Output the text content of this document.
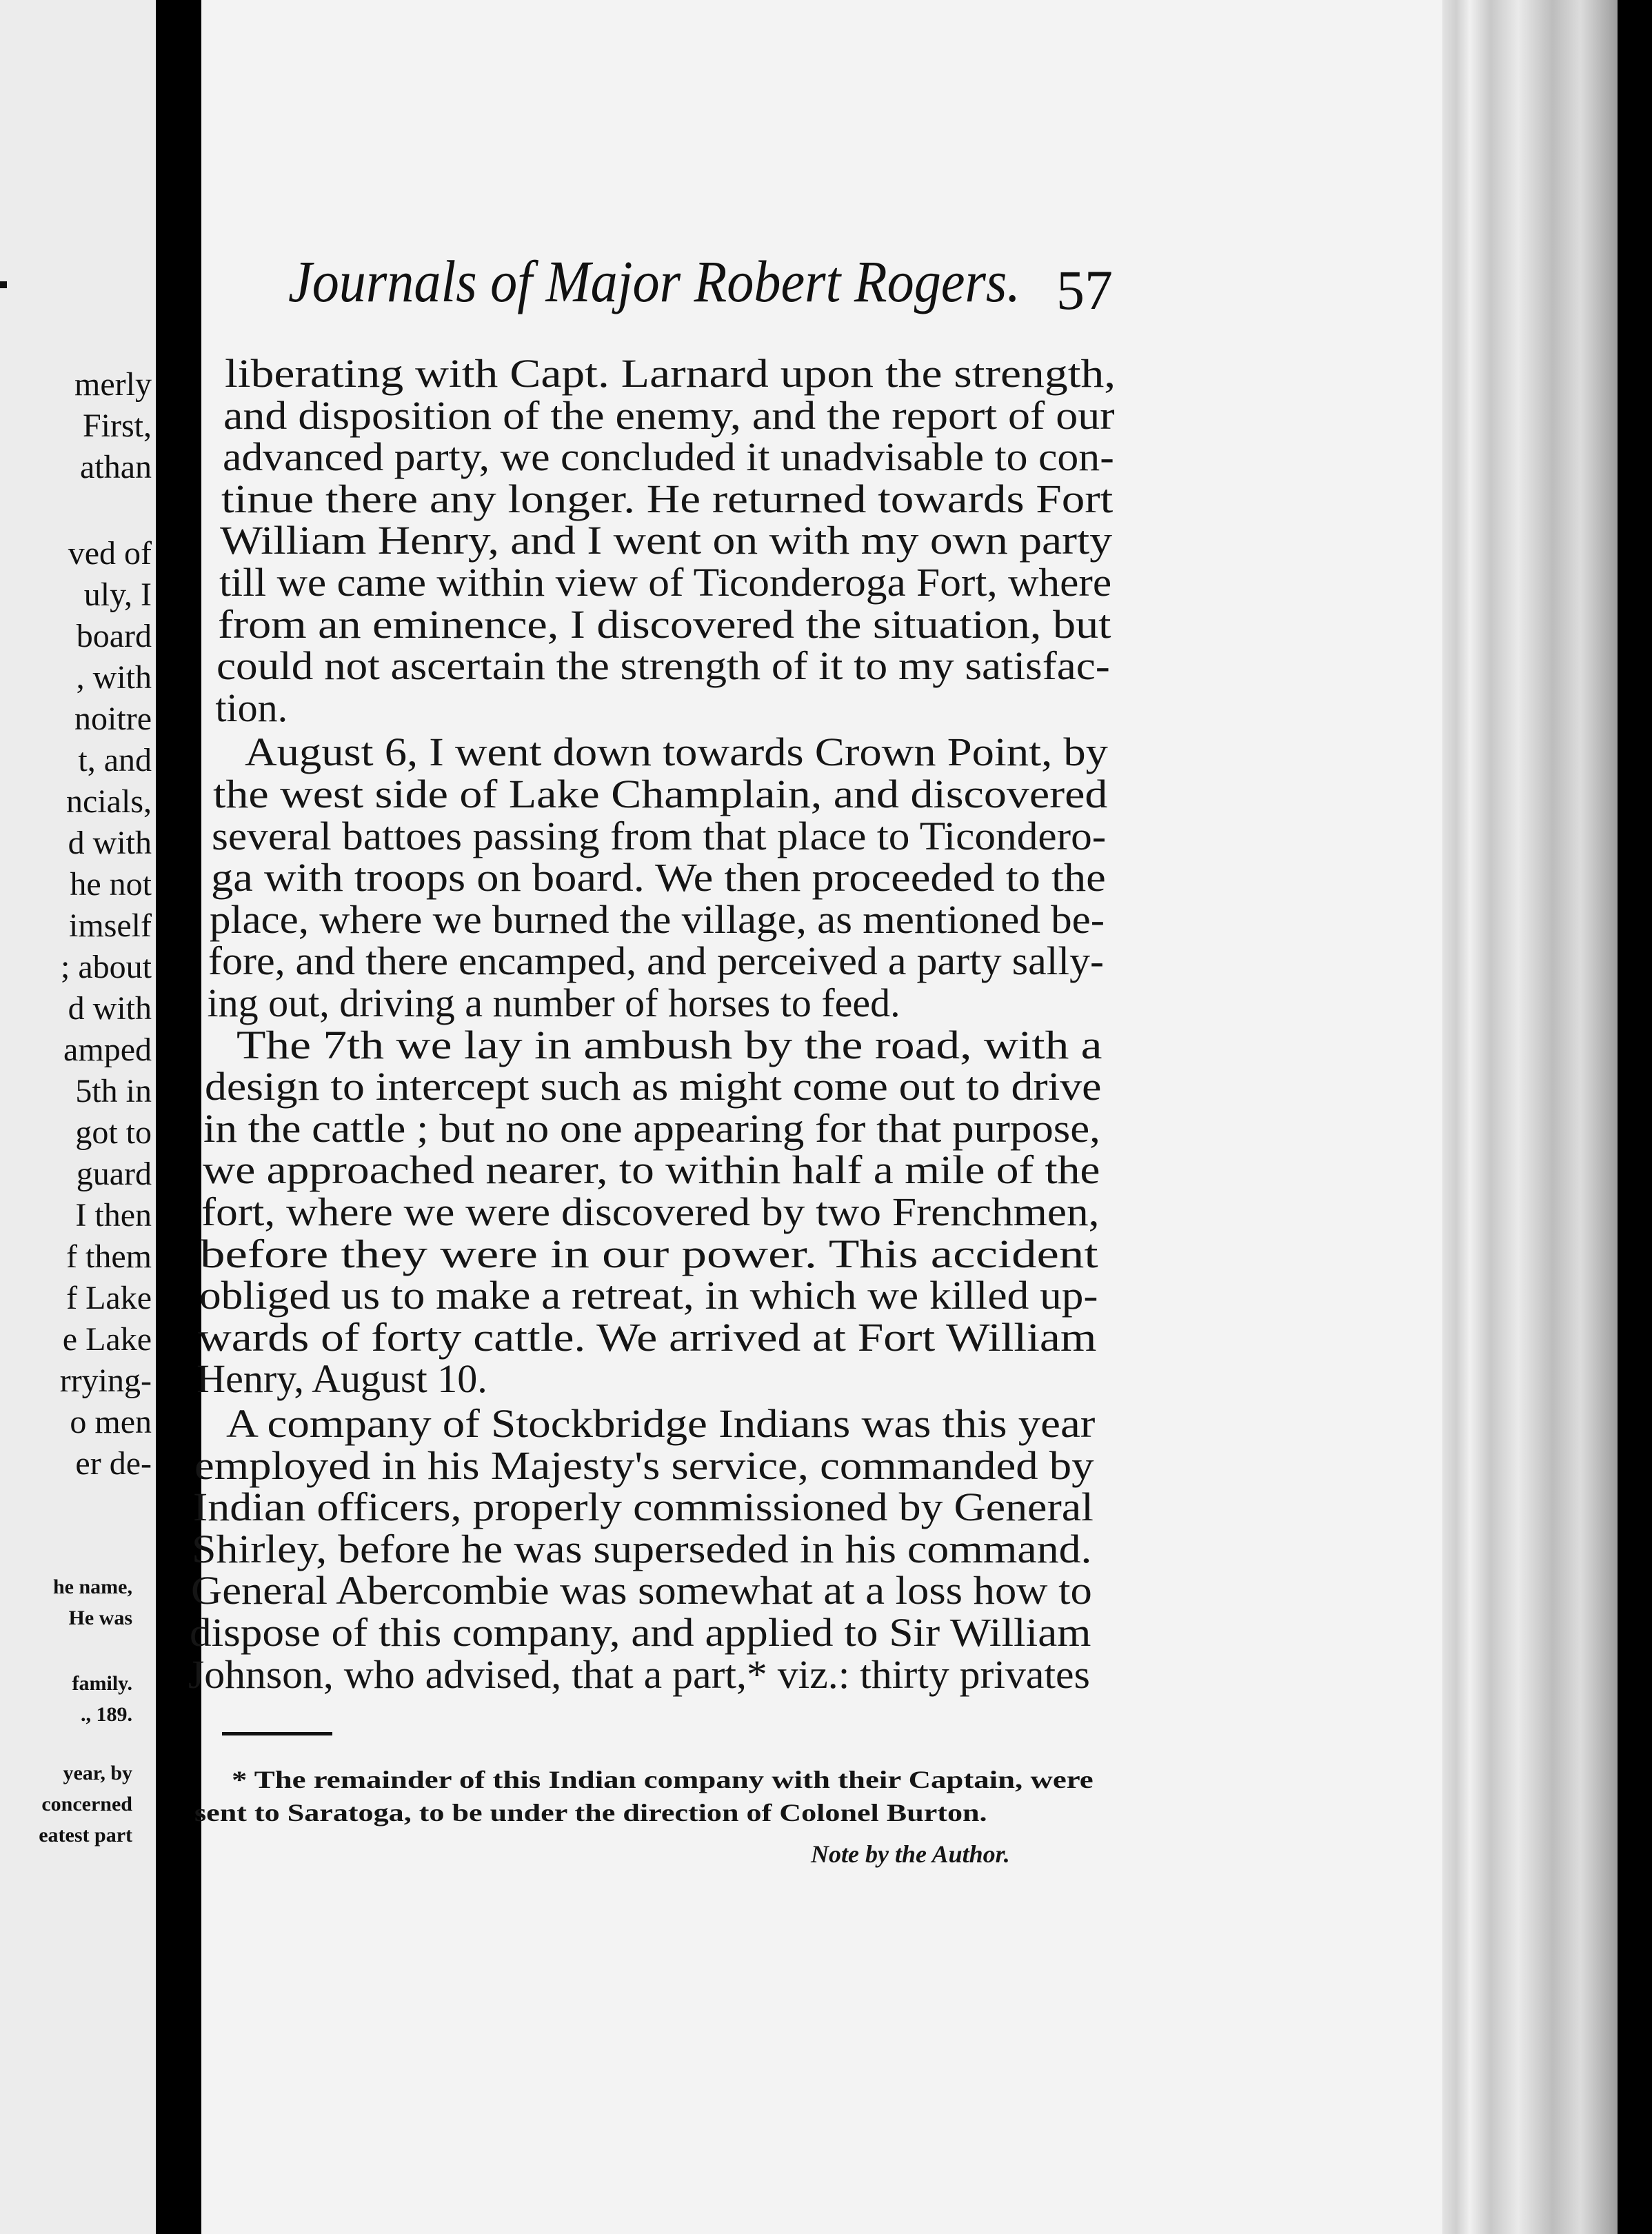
merly
First,
athan
ved of
uly, I
board
, with
noitre
t, and
ncials,
d with
he not
imself
; about
d with
amped
5th in
got to
guard
I then
f them
f Lake
e Lake
rrying-
o men
er de-
he name,
He was
family.
., 189.
year, by
concerned
eatest part
Journals of Major Robert Rogers. 57
liberating with Capt. Larnard upon the strength,
and disposition of the enemy, and the report of our
advanced party, we concluded it unadvisable to con-
tinue there any longer. He returned towards Fort
William Henry, and I went on with my own party
till we came within view of Ticonderoga Fort, where
from an eminence, I discovered the situation, but
could not ascertain the strength of it to my satisfac-
tion.
August 6, I went down towards Crown Point, by
the west side of Lake Champlain, and discovered
several battoes passing from that place to Ticondero-
ga with troops on board. We then proceeded to the
place, where we burned the village, as mentioned be-
fore, and there encamped, and perceived a party sally-
ing out, driving a number of horses to feed.
The 7th we lay in ambush by the road, with a
design to intercept such as might come out to drive
in the cattle ; but no one appearing for that purpose,
we approached nearer, to within half a mile of the
fort, where we were discovered by two Frenchmen,
before they were in our power. This accident
obliged us to make a retreat, in which we killed up-
wards of forty cattle. We arrived at Fort William
Henry, August 10.
A company of Stockbridge Indians was this year
employed in his Majesty's service, commanded by
Indian officers, properly commissioned by General
Shirley, before he was superseded in his command.
General Abercombie was somewhat at a loss how to
dispose of this company, and applied to Sir William
Johnson, who advised, that a part,* viz.: thirty privates
* The remainder of this Indian company with their Captain, were
sent to Saratoga, to be under the direction of Colonel Burton.
Note by the Author.
